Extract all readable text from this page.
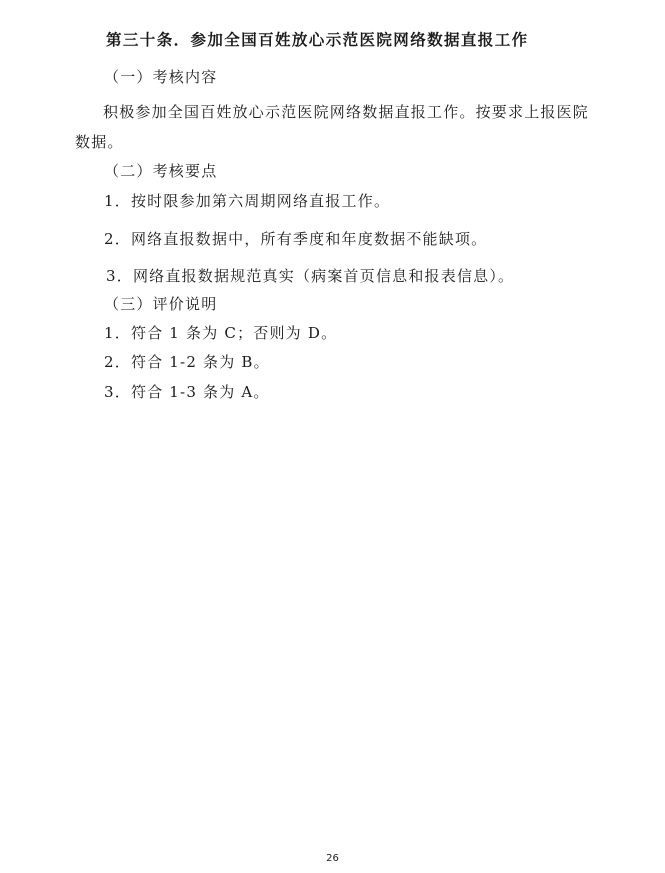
第三十条．参加全国百姓放心示范医院网络数据直报工作
（一）考核内容
积极参加全国百姓放心示范医院网络数据直报工作。按要求上报医院
数据。
（二）考核要点
1．按时限参加第六周期网络直报工作。
2．网络直报数据中，所有季度和年度数据不能缺项。
3．网络直报数据规范真实（病案首页信息和报表信息）。
（三）评价说明
1．符合 1 条为 C；否则为 D。
2．符合 1-2 条为 B。
3．符合 1-3 条为 A。
26
